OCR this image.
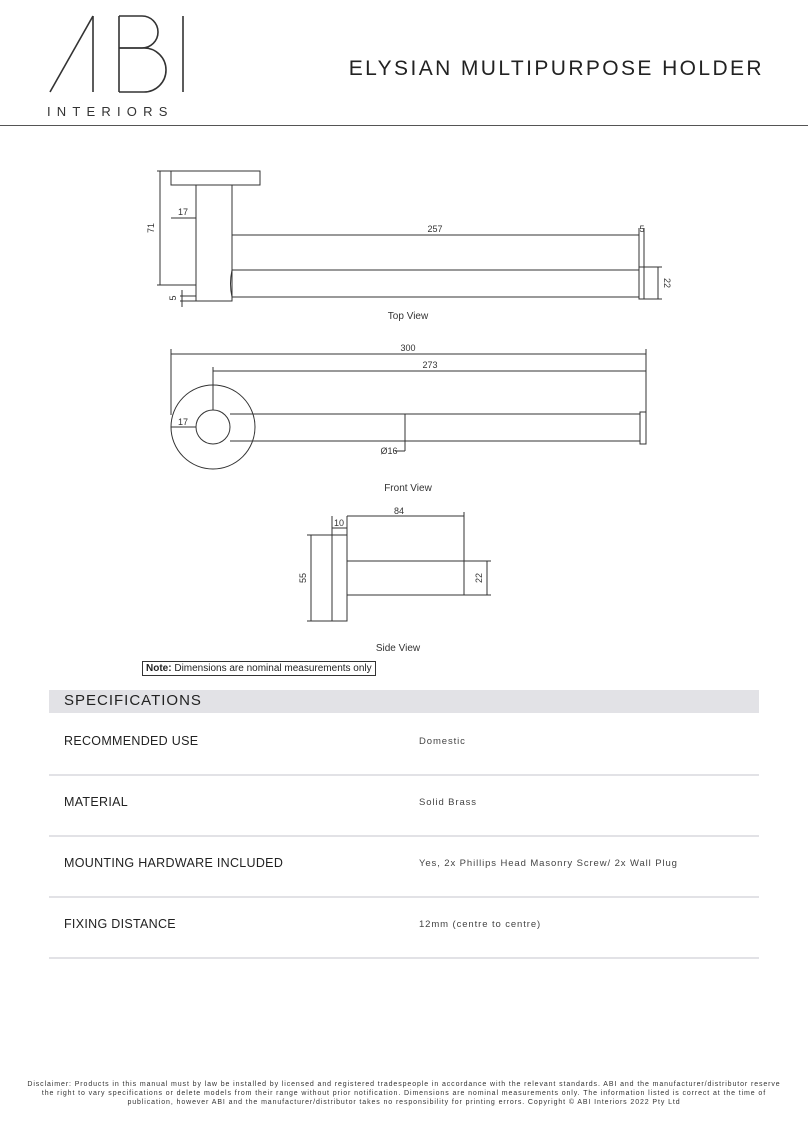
INTERIORS
ELYSIAN MULTIPURPOSE HOLDER
71
17
257	5
22
5
Top View
300
273
17
Ø16
Front View
10
84
55	22
Side View
Note: Dimensions are nominal measurements only
SPECIFICATIONS
RECOMMENDED USE	Domestic
MATERIAL	Solid Brass
MOUNTING HARDWARE INCLUDED	Yes, 2x Phillips Head Masonry Screw/ 2x Wall Plug
FIXING DISTANCE	12mm (centre to centre)
Disclaimer: Products in this manual must by law be installed by licensed and registered tradespeople in accordance with the relevant standards. ABI and the manufacturer/distributor reserve the right to vary specifications or delete models from their range without prior notification. Dimensions are nominal measurements only. The information listed is correct at the time of publication, however ABI and the manufacturer/distributor takes no responsibility for printing errors. Copyright © ABI Interiors 2022 Pty Ltd
